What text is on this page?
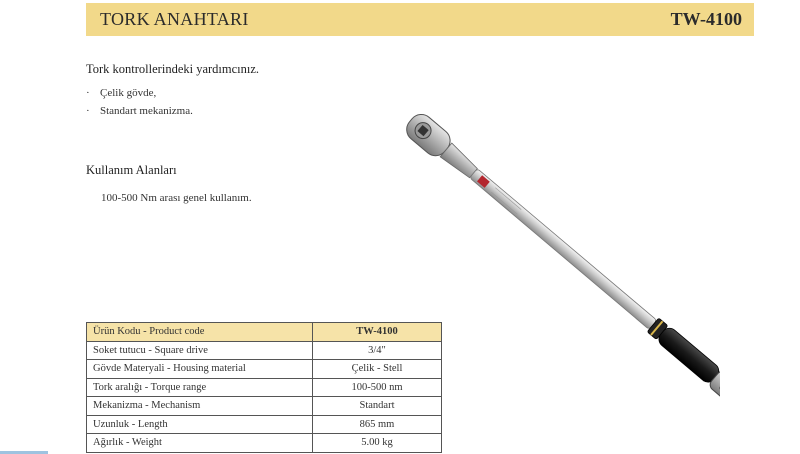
TORK ANAHTARI	TW-4100
Tork kontrollerindeki yardımcınız.
· Çelik gövde,
· Standart mekanizma.
Kullanım Alanları
100-500 Nm arası genel kullanım.
Ürün Kodu - Product code	TW-4100
Soket tutucu - Square drive	3/4"
Gövde Materyali - Housing material	Çelik - Stell
Tork aralığı - Torque range	100-500 nm
Mekanizma - Mechanism	Standart
Uzunluk - Length	865 mm
Ağırlık - Weight	5.00 kg
